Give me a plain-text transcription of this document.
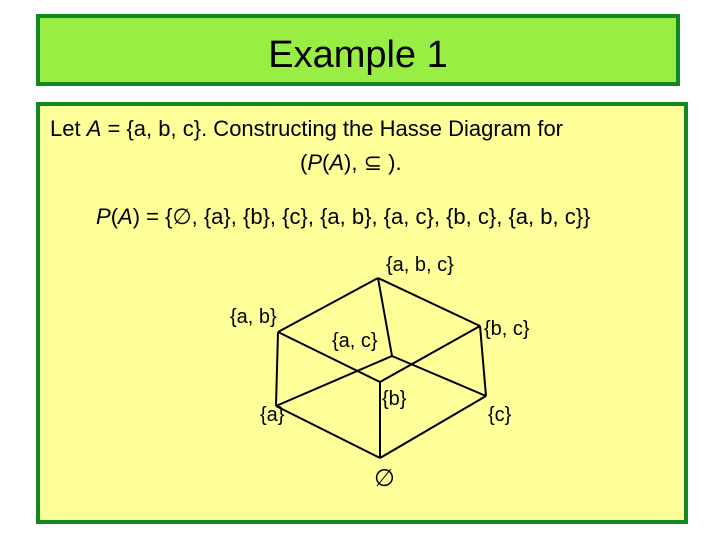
Example 1
Let A = {a, b, c}. Constructing the Hasse Diagram for
(P(A), ⊆ ).
P(A) = {∅, {a}, {b}, {c}, {a, b}, {a, c}, {b, c}, {a, b, c}}
{a, b, c}
{a, b}
{a, c}
{b, c}
{a}
{b}
{c}
∅
